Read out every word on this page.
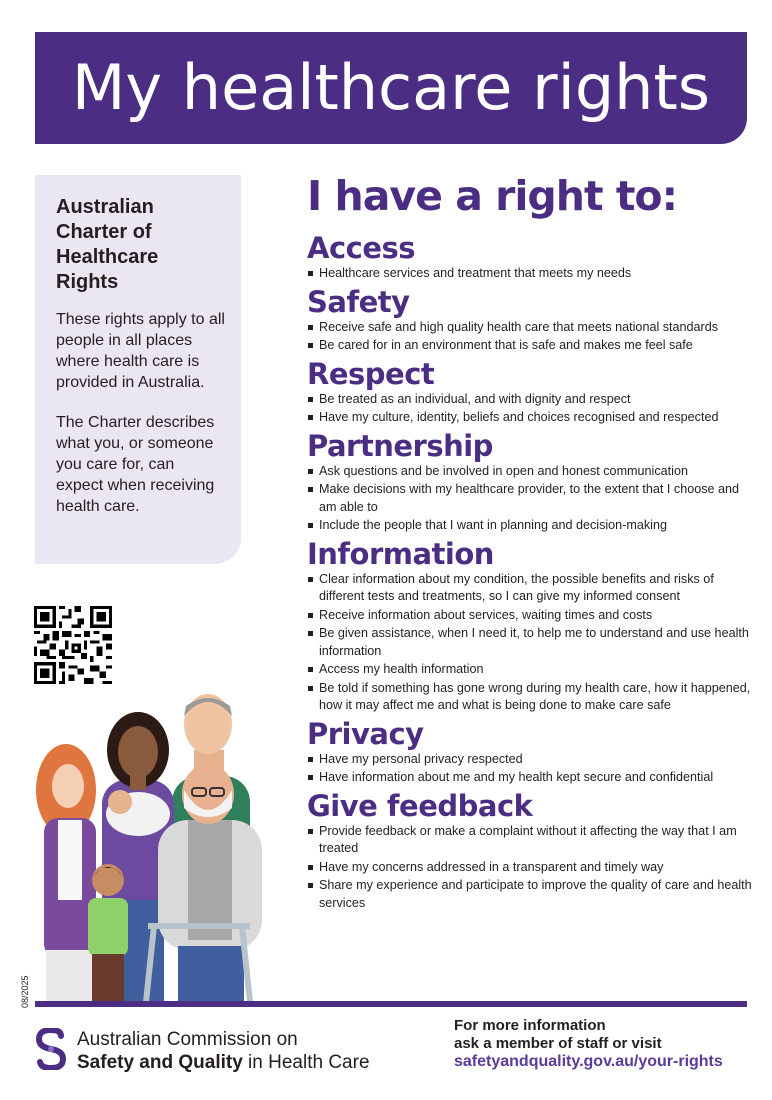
My healthcare rights
Australian Charter of Healthcare Rights

These rights apply to all people in all places where health care is provided in Australia.

The Charter describes what you, or someone you care for, can expect when receiving health care.

08/2025
I have a right to:
Access
Healthcare services and treatment that meets my needs
Safety
Receive safe and high quality health care that meets national standards
Be cared for in an environment that is safe and makes me feel safe
Respect
Be treated as an individual, and with dignity and respect
Have my culture, identity, beliefs and choices recognised and respected
Partnership
Ask questions and be involved in open and honest communication
Make decisions with my healthcare provider, to the extent that I choose and am able to
Include the people that I want in planning and decision-making
Information
Clear information about my condition, the possible benefits and risks of different tests and treatments, so I can give my informed consent
Receive information about services, waiting times and costs
Be given assistance, when I need it, to help me to understand and use health information
Access my health information
Be told if something has gone wrong during my health care, how it happened, how it may affect me and what is being done to make care safe
Privacy
Have my personal privacy respected
Have information about me and my health kept secure and confidential
Give feedback
Provide feedback or make a complaint without it affecting the way that I am treated
Have my concerns addressed in a transparent and timely way
Share my experience and participate to improve the quality of care and health services
Australian Commission on
Safety and Quality in Health Care
For more information
ask a member of staff or visit
safetyandquality.gov.au/your-rights
